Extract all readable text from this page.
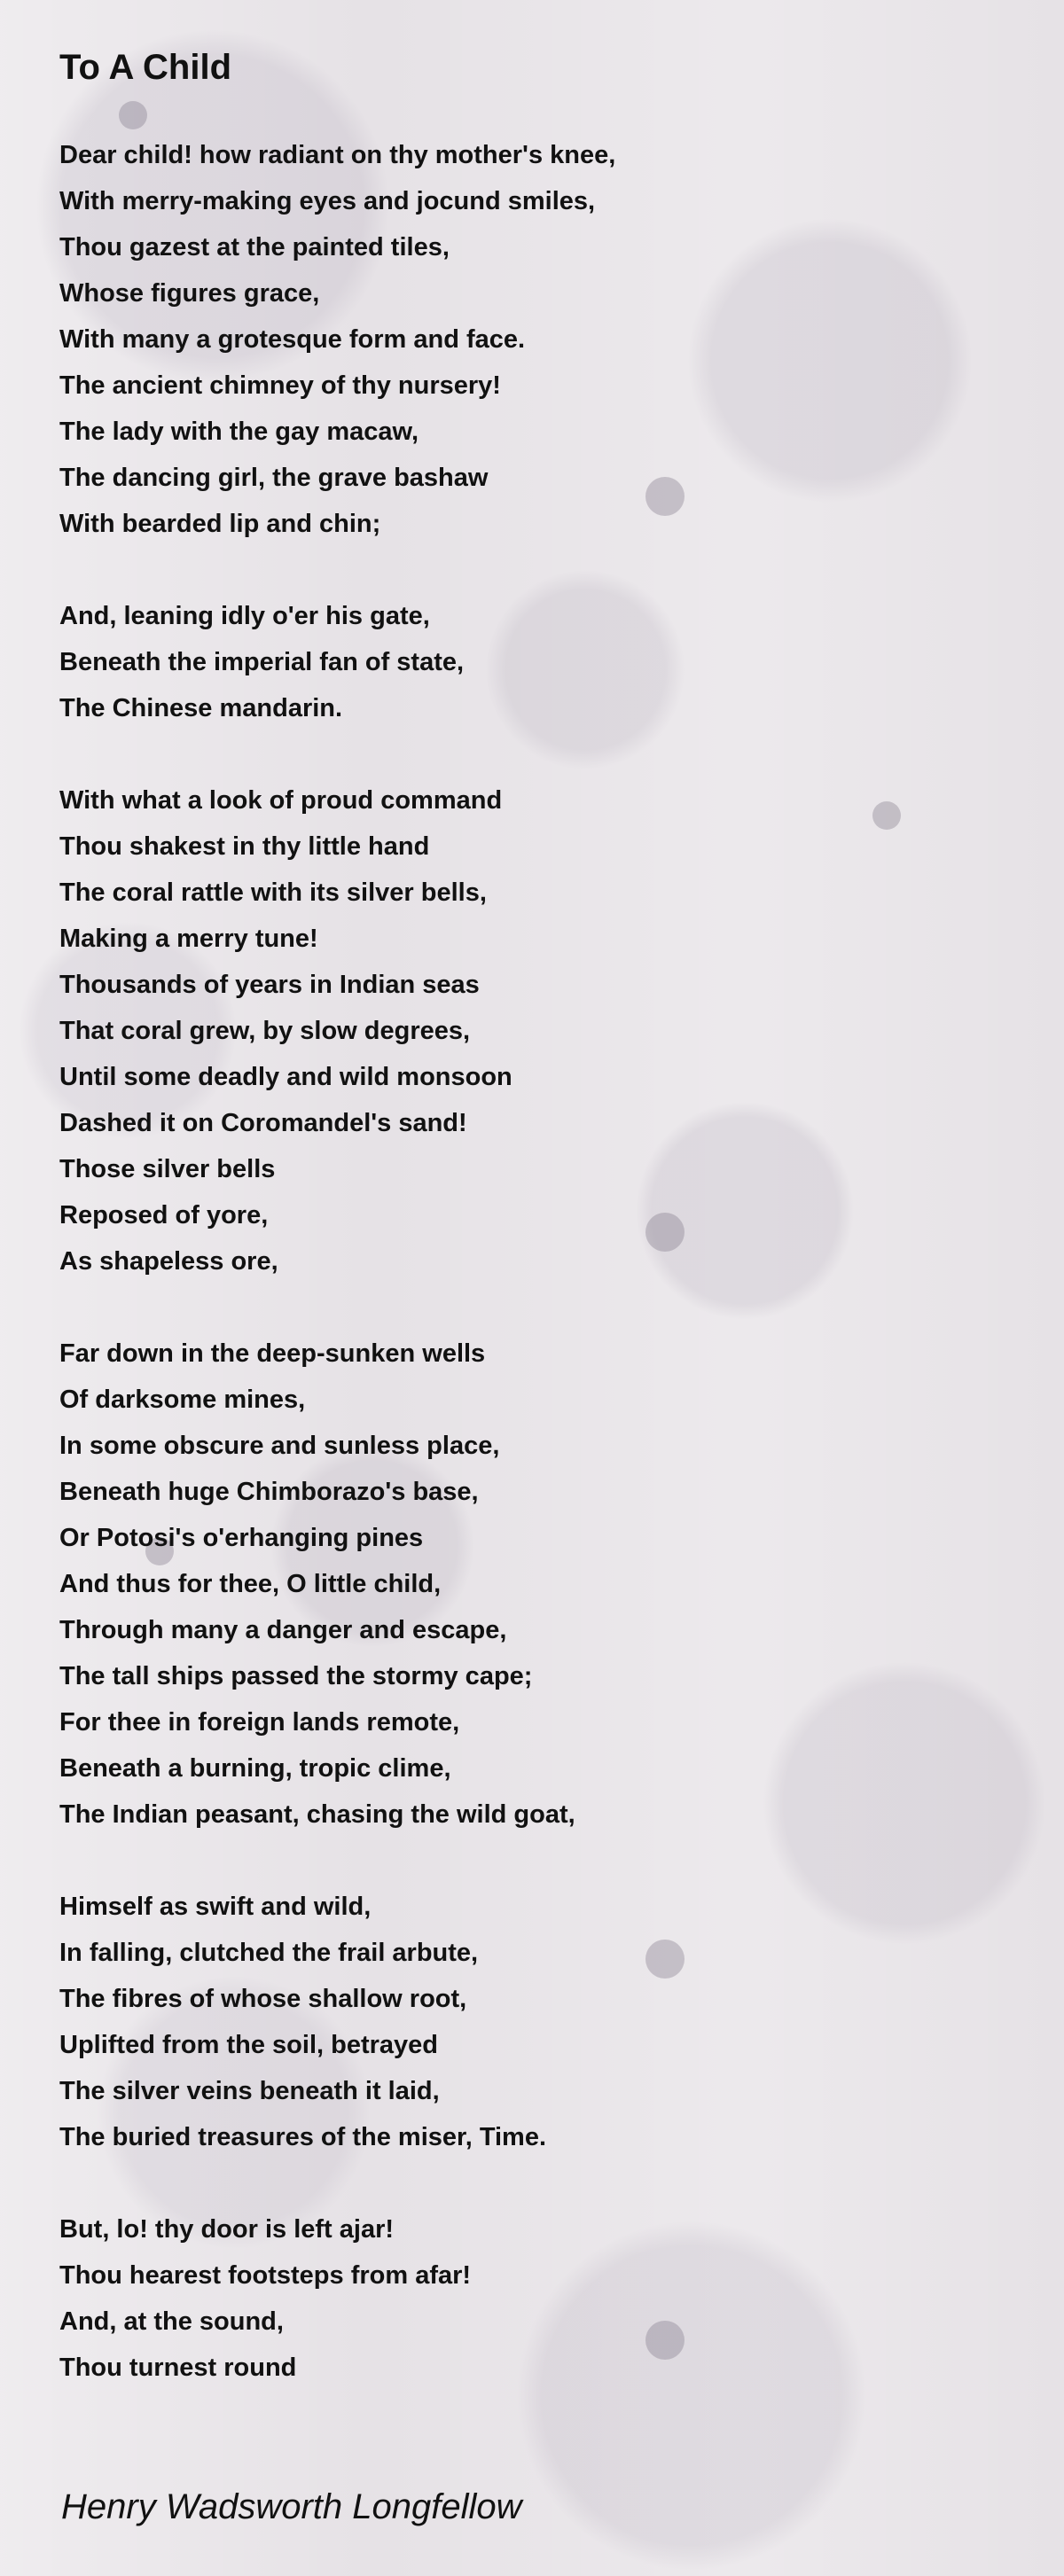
To A Child
Dear child! how radiant on thy mother's knee,
With merry-making eyes and jocund smiles,
Thou gazest at the painted tiles,
Whose figures grace,
With many a grotesque form and face.
The ancient chimney of thy nursery!
The lady with the gay macaw,
The dancing girl, the grave bashaw
With bearded lip and chin;
And, leaning idly o'er his gate,
Beneath the imperial fan of state,
The Chinese mandarin.
With what a look of proud command
Thou shakest in thy little hand
The coral rattle with its silver bells,
Making a merry tune!
Thousands of years in Indian seas
That coral grew, by slow degrees,
Until some deadly and wild monsoon
Dashed it on Coromandel's sand!
Those silver bells
Reposed of yore,
As shapeless ore,
Far down in the deep-sunken wells
Of darksome mines,
In some obscure and sunless place,
Beneath huge Chimborazo's base,
Or Potosi's o'erhanging pines
And thus for thee, O little child,
Through many a danger and escape,
The tall ships passed the stormy cape;
For thee in foreign lands remote,
Beneath a burning, tropic clime,
The Indian peasant, chasing the wild goat,
Himself as swift and wild,
In falling, clutched the frail arbute,
The fibres of whose shallow root,
Uplifted from the soil, betrayed
The silver veins beneath it laid,
The buried treasures of the miser, Time.
But, lo! thy door is left ajar!
Thou hearest footsteps from afar!
And, at the sound,
Thou turnest round
Henry Wadsworth Longfellow
